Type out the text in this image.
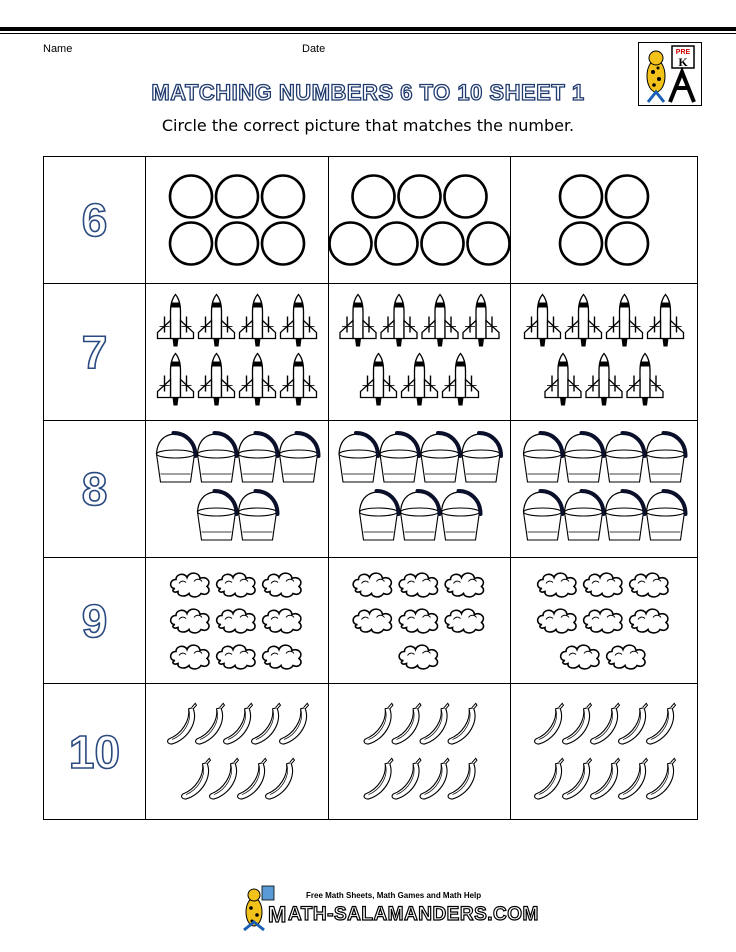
Name	Date	PRE
K
MATCHING NUMBERS 6 TO 10 SHEET 1
Circle the correct picture that matches the number.
6
7
8
9
10
Free Math Sheets, Math Games and Math Help
M ATH-SALAMANDERS.COM
